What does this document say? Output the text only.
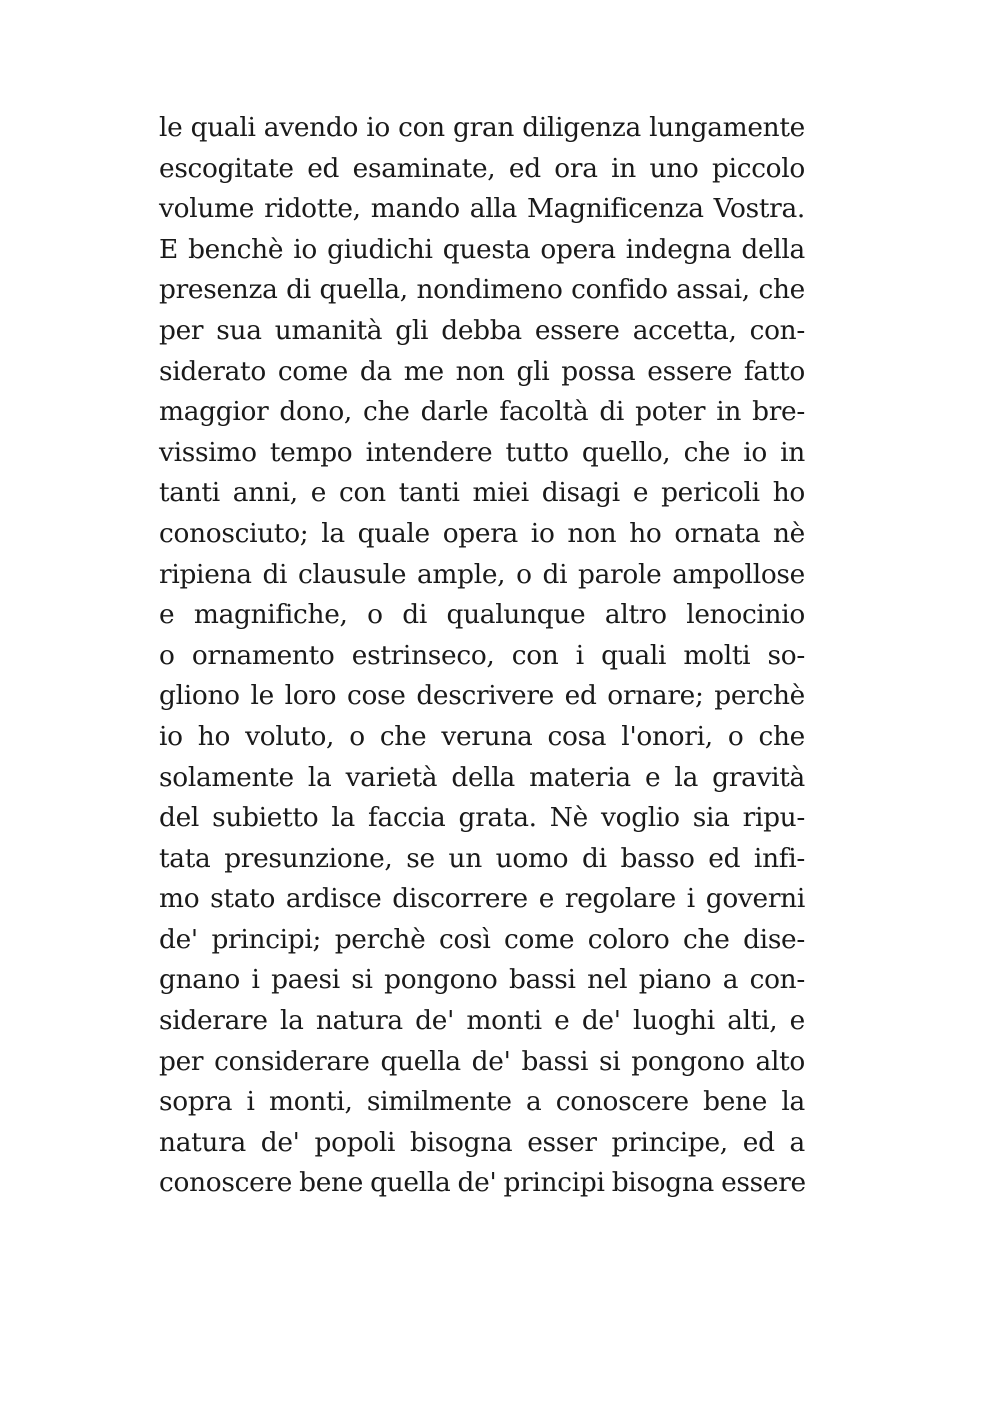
le quali avendo io con gran diligenza lungamente
escogitate ed esaminate, ed ora in uno piccolo
volume ridotte, mando alla Magnificenza Vostra.
E benchè io giudichi questa opera indegna della
presenza di quella, nondimeno confido assai, che
per sua umanità gli debba essere accetta, con-
siderato come da me non gli possa essere fatto
maggior dono, che darle facoltà di poter in bre-
vissimo tempo intendere tutto quello, che io in
tanti anni, e con tanti miei disagi e pericoli ho
conosciuto; la quale opera io non ho ornata nè
ripiena di clausule ample, o di parole ampollose
e magnifiche, o di qualunque altro lenocinio
o ornamento estrinseco, con i quali molti so-
gliono le loro cose descrivere ed ornare; perchè
io ho voluto, o che veruna cosa l'onori, o che
solamente la varietà della materia e la gravità
del subietto la faccia grata. Nè voglio sia ripu-
tata presunzione, se un uomo di basso ed infi-
mo stato ardisce discorrere e regolare i governi
de' principi; perchè così come coloro che dise-
gnano i paesi si pongono bassi nel piano a con-
siderare la natura de' monti e de' luoghi alti, e
per considerare quella de' bassi si pongono alto
sopra i monti, similmente a conoscere bene la
natura de' popoli bisogna esser principe, ed a
conoscere bene quella de' principi bisogna essere
